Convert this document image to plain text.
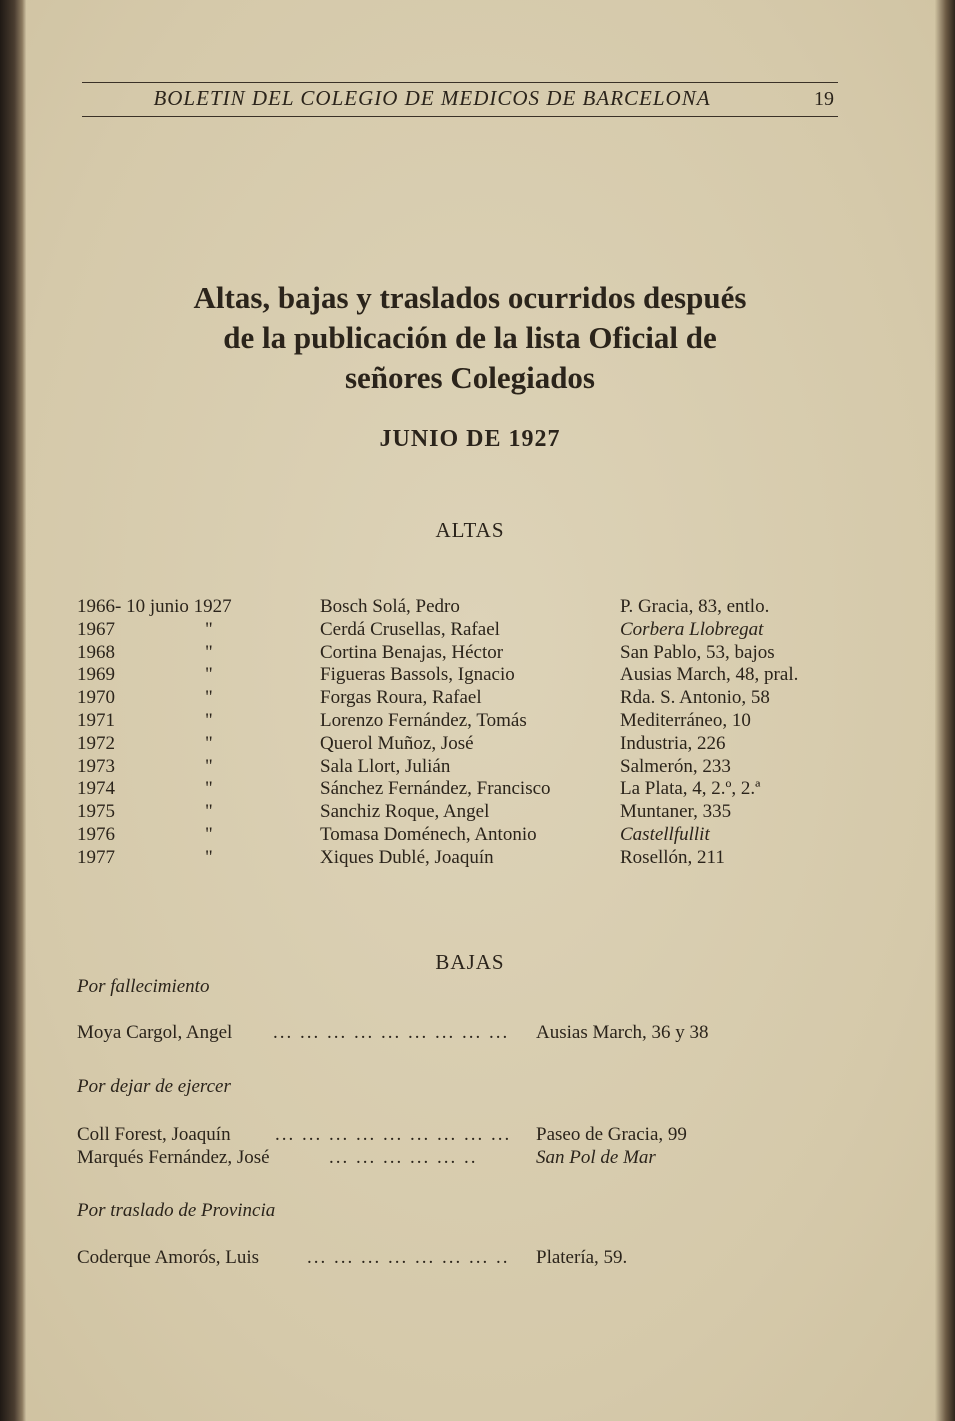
BOLETIN DEL COLEGIO DE MEDICOS DE BARCELONA	19
Altas, bajas y traslados ocurridos después
de la publicación de la lista Oficial de
señores Colegiados
JUNIO DE 1927
ALTAS
1966 - 10 junio 1927	Bosch Solá, Pedro	P. Gracia, 83, entlo.
1967	"	Cerdá Crusellas, Rafael	Corbera Llobregat
1968	"	Cortina Benajas, Héctor	San Pablo, 53, bajos
1969	"	Figueras Bassols, Ignacio	Ausias March, 48, pral.
1970	"	Forgas Roura, Rafael	Rda. S. Antonio, 58
1971	"	Lorenzo Fernández, Tomás	Mediterráneo, 10
1972	"	Querol Muñoz, José	Industria, 226
1973	"	Sala Llort, Julián	Salmerón, 233
1974	"	Sánchez Fernández, Francisco	La Plata, 4, 2.º, 2.ª
1975	"	Sanchiz Roque, Angel	Muntaner, 335
1976	"	Tomasa Doménech, Antonio	Castellfullit
1977	"	Xiques Dublé, Joaquín	Rosellón, 211
BAJAS
Por fallecimiento
Moya Cargol, Angel ... ... ... ... ... ... ... ... ... Ausias March, 36 y 38
Por dejar de ejercer
Coll Forest, Joaquín ... ... ... ... ... ... ... ... ... Paseo de Gracia, 99
Marqués Fernández, José	... ... ... ... ... ..	San Pol de Mar
Por traslado de Provincia
Coderque Amorós, Luis	... ... ... ... ... ... ... .. Platería, 59.
